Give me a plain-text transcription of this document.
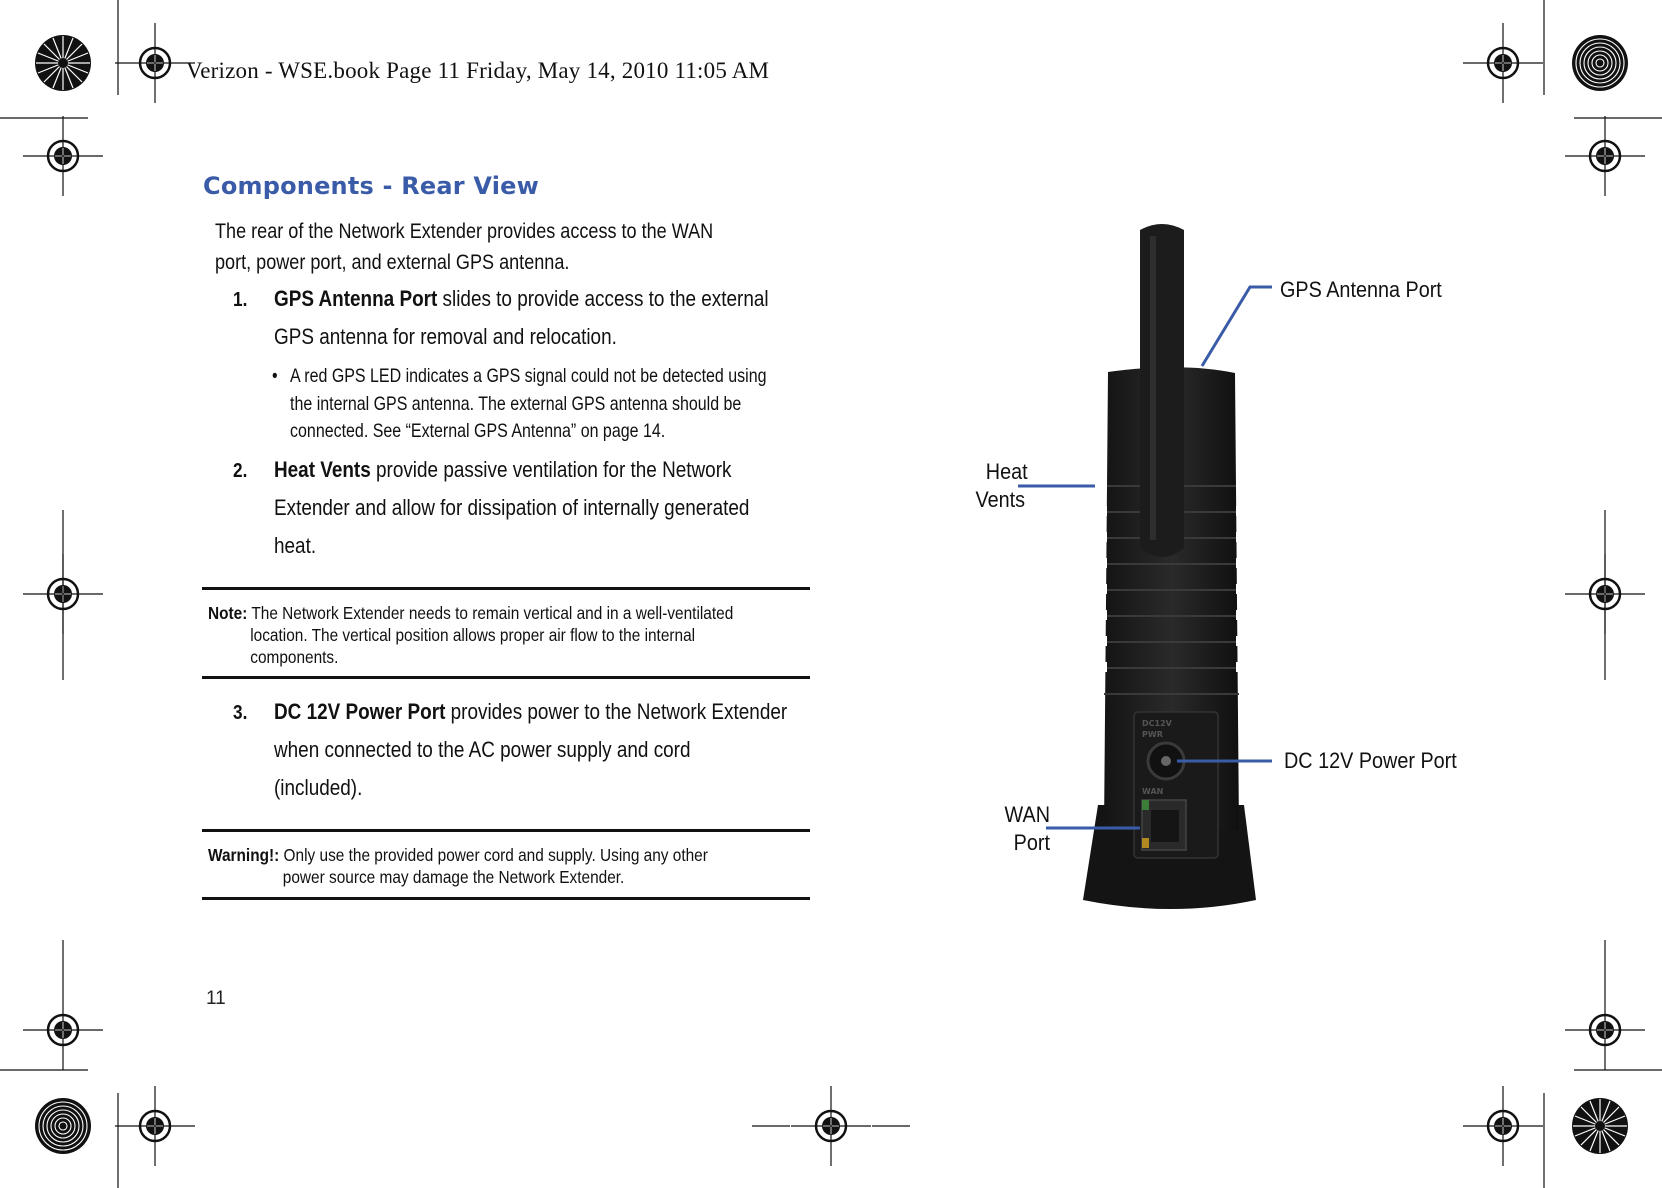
Verizon - WSE.book Page 11 Friday, May 14, 2010 11:05 AM
Components - Rear View
The rear of the Network Extender provides access to the WAN
port, power port, and external GPS antenna.
1. GPS Antenna Port slides to provide access to the external
GPS antenna for removal and relocation.
• A red GPS LED indicates a GPS signal could not be detected using
the internal GPS antenna. The external GPS antenna should be
connected. See “External GPS Antenna” on page 14.
2. Heat Vents provide passive ventilation for the Network
Extender and allow for dissipation of internally generated
heat.
Note: The Network Extender needs to remain vertical and in a well-ventilated
location. The vertical position allows proper air flow to the internal
components.
3. DC 12V Power Port provides power to the Network Extender
when connected to the AC power supply and cord
(included).
Warning!: Only use the provided power cord and supply. Using any other
power source may damage the Network Extender.
DC12V
PWR
WAN
GPS Antenna Port
Heat
Vents
DC 12V Power Port
WAN
Port
11
